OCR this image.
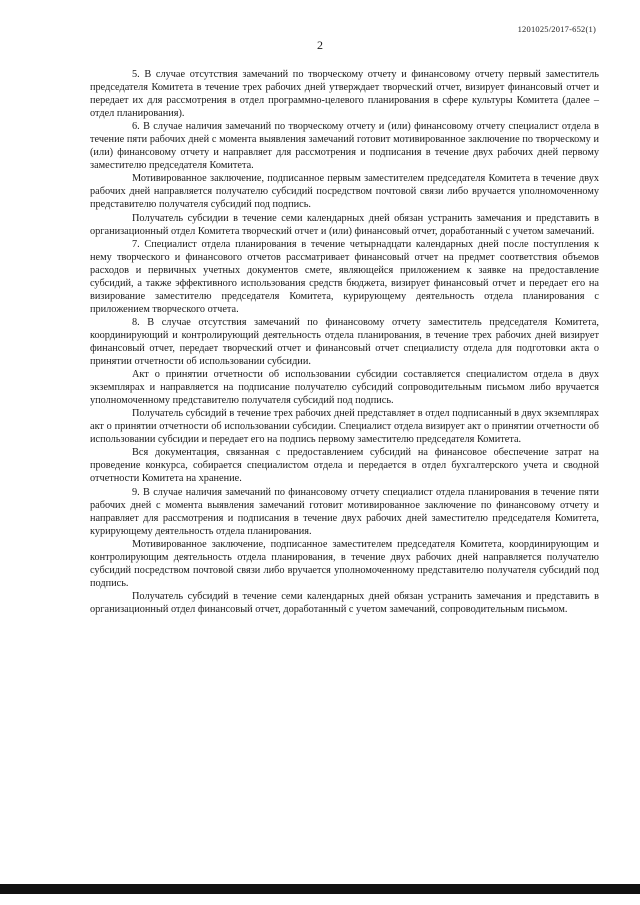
1201025/2017-652(1)
2

5. В случае отсутствия замечаний по творческому отчету и финансовому отчету первый заместитель председателя Комитета в течение трех рабочих дней утверждает творческий отчет, визирует финансовый отчет и передает их для рассмотрения в отдел программно-целевого планирования в сфере культуры Комитета (далее – отдел планирования).

6. В случае наличия замечаний по творческому отчету и (или) финансовому отчету специалист отдела в течение пяти рабочих дней с момента выявления замечаний готовит мотивированное заключение по творческому и (или) финансовому отчету и направляет для рассмотрения и подписания в течение двух рабочих дней первому заместителю председателя Комитета.

Мотивированное заключение, подписанное первым заместителем председателя Комитета в течение двух рабочих дней направляется получателю субсидий посредством почтовой связи либо вручается уполномоченному представителю получателя субсидий под подпись.

Получатель субсидии в течение семи календарных дней обязан устранить замечания и представить в организационный отдел Комитета творческий отчет и (или) финансовый отчет, доработанный с учетом замечаний.

7. Специалист отдела планирования в течение четырнадцати календарных дней после поступления к нему творческого и финансового отчетов рассматривает финансовый отчет на предмет соответствия объемов расходов и первичных учетных документов смете, являющейся приложением к заявке на предоставление субсидий, а также эффективного использования средств бюджета, визирует финансовый отчет и передает его на визирование заместителю председателя Комитета, курирующему деятельность отдела планирования с приложением творческого отчета.

8. В случае отсутствия замечаний по финансовому отчету заместитель председателя Комитета, координирующий и контролирующий деятельность отдела планирования, в течение трех рабочих дней визирует финансовый отчет, передает творческий отчет и финансовый отчет специалисту отдела для подготовки акта о принятии отчетности об использовании субсидии.

Акт о принятии отчетности об использовании субсидии составляется специалистом отдела в двух экземплярах и направляется на подписание получателю субсидий сопроводительным письмом либо вручается уполномоченному представителю получателя субсидий под подпись.

Получатель субсидий в течение трех рабочих дней представляет в отдел подписанный в двух экземплярах акт о принятии отчетности об использовании субсидии. Специалист отдела визирует акт о принятии отчетности об использовании субсидии и передает его на подпись первому заместителю председателя Комитета.

Вся документация, связанная с предоставлением субсидий на финансовое обеспечение затрат на проведение конкурса, собирается специалистом отдела и передается в отдел бухгалтерского учета и сводной отчетности Комитета на хранение.

9. В случае наличия замечаний по финансовому отчету специалист отдела планирования в течение пяти рабочих дней с момента выявления замечаний готовит мотивированное заключение по финансовому отчету и направляет для рассмотрения и подписания в течение двух рабочих дней заместителю председателя Комитета, курирующему деятельность отдела планирования.

Мотивированное заключение, подписанное заместителем председателя Комитета, координирующим и контролирующим деятельность отдела планирования, в течение двух рабочих дней направляется получателю субсидий посредством почтовой связи либо вручается уполномоченному представителю получателя субсидий под подпись.

Получатель субсидий в течение семи календарных дней обязан устранить замечания и представить в организационный отдел финансовый отчет, доработанный с учетом замечаний, сопроводительным письмом.
